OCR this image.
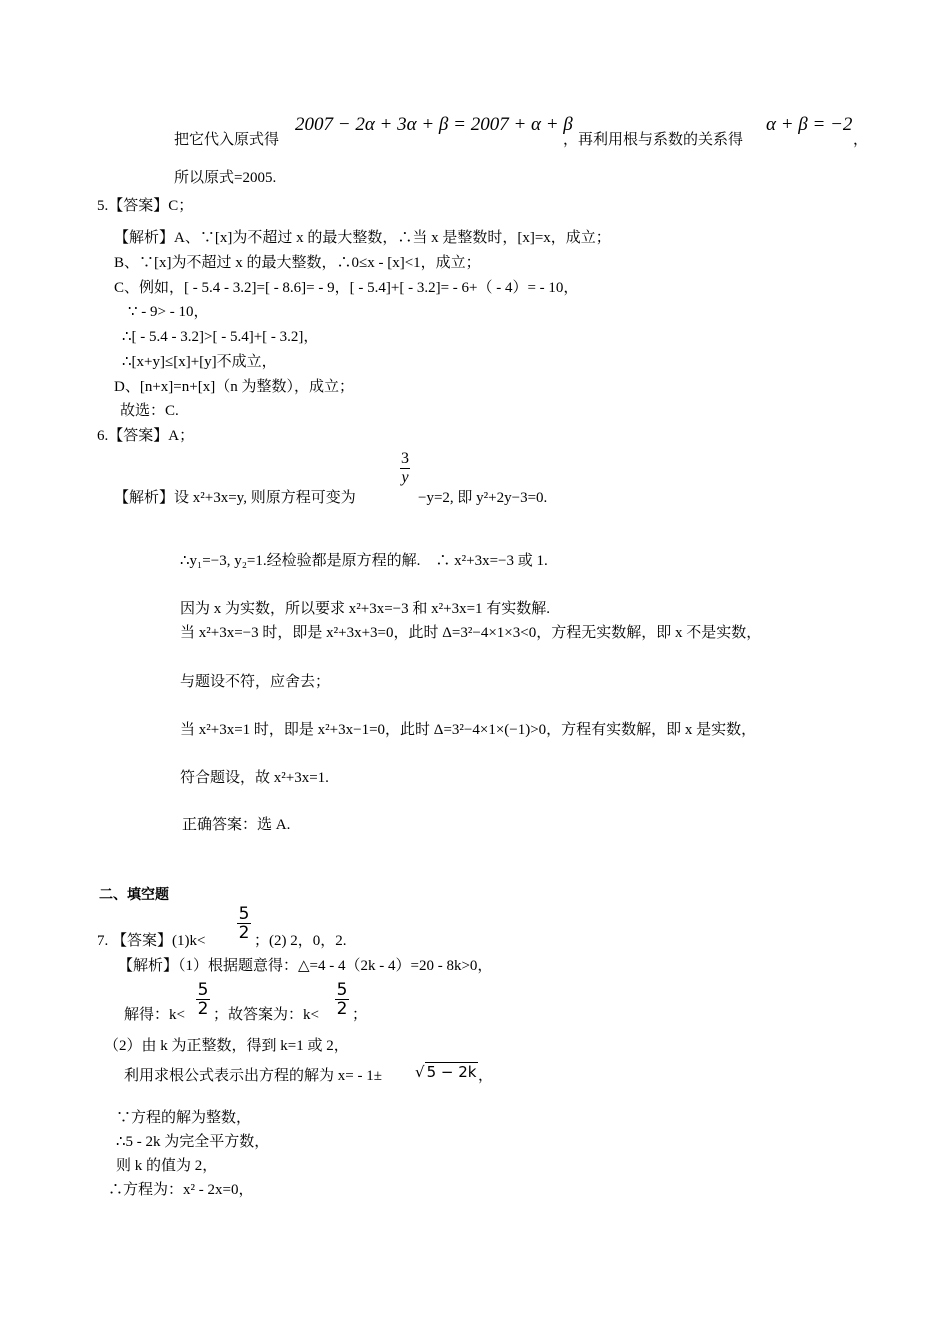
把它代入原式得
2007 − 2α + 3α + β = 2007 + α + β
，再利用根与系数的关系得
α + β = −2
，
所以原式=2005.
5.【答案】C；
【解析】A、∵[x]为不超过 x 的最大整数，∴当 x 是整数时，[x]=x，成立；
B、∵[x]为不超过 x 的最大整数，∴0≤x - [x]<1，成立；
C、例如，[ - 5.4 - 3.2]=[ - 8.6]= - 9，[ - 5.4]+[ - 3.2]= - 6+（ - 4）= - 10，
∵ - 9> - 10，
∴[ - 5.4 - 3.2]>[ - 5.4]+[ - 3.2]，
∴[x+y]≤[x]+[y]不成立，
D、[n+x]=n+[x]（n 为整数），成立；
故选：C.
6.【答案】A；
3
y
【解析】设 x²+3x=y, 则原方程可变为	−y=2, 即 y²+2y−3=0.
∴y₁=−3, y₂=1.经检验都是原方程的解.　∴ x²+3x=−3 或 1.
因为 x 为实数，所以要求 x²+3x=−3 和 x²+3x=1 有实数解.
当 x²+3x=−3 时，即是 x²+3x+3=0，此时 Δ=3²−4×1×3<0，方程无实数解，即 x 不是实数，
与题设不符，应舍去；
当 x²+3x=1 时，即是 x²+3x−1=0，此时 Δ=3²−4×1×(−1)>0，方程有实数解，即 x 是实数，
符合题设，故 x²+3x=1.
正确答案：选 A.
二、填空题
7. 【答案】(1)k<
5
2 ；(2) 2，0，2.
【解析】（1）根据题意得：△=4 - 4（2k - 4）=20 - 8k>0，
解得：k<
5
2 ；故答案为：k<
5
2 ；
（2）由 k 为正整数，得到 k=1 或 2，
利用求根公式表示出方程的解为 x= - 1± √ 5 − 2k ，
∵方程的解为整数，
∴5 - 2k 为完全平方数，
则 k 的值为 2，
∴方程为：x² - 2x=0，
